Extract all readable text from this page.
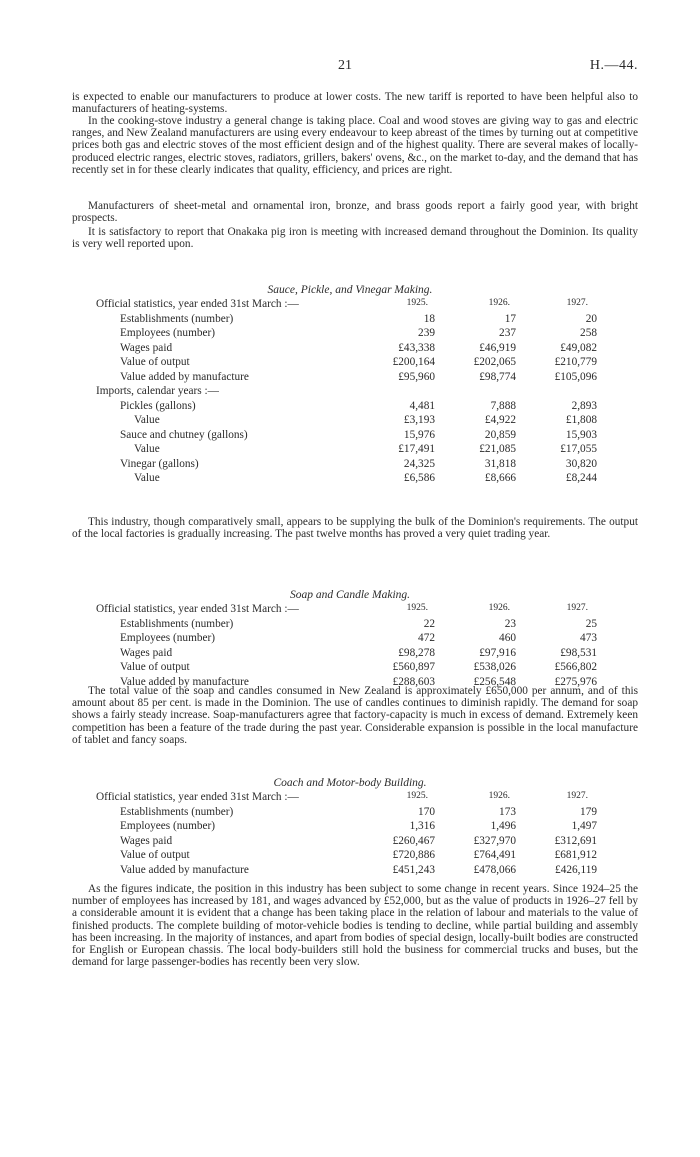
21	H.—44.

is expected to enable our manufacturers to produce at lower costs. The new tariff is reported to have been helpful also to manufacturers of heating-systems.

In the cooking-stove industry a general change is taking place. Coal and wood stoves are giving way to gas and electric ranges, and New Zealand manufacturers are using every endeavour to keep abreast of the times by turning out at competitive prices both gas and electric stoves of the most efficient design and of the highest quality. There are several makes of locally-produced electric ranges, electric stoves, radiators, grillers, bakers' ovens, &c., on the market to-day, and the demand that has recently set in for these clearly indicates that quality, efficiency, and prices are right.

Manufacturers of sheet-metal and ornamental iron, bronze, and brass goods report a fairly good year, with bright prospects.

It is satisfactory to report that Onakaka pig iron is meeting with increased demand throughout the Dominion. Its quality is very well reported upon.

Sauce, Pickle, and Vinegar Making.
Official statistics, year ended 31st March :—	1925.	1926.	1927.
Establishments (number)	18	17	20
Employees (number)	239	237	258
Wages paid	£43,338	£46,919	£49,082
Value of output	£200,164	£202,065	£210,779
Value added by manufacture	£95,960	£98,774	£105,096
Imports, calendar years :—
Pickles (gallons)	4,481	7,888	2,893
Value	£3,193	£4,922	£1,808
Sauce and chutney (gallons)	15,976	20,859	15,903
Value	£17,491	£21,085	£17,055
Vinegar (gallons)	24,325	31,818	30,820
Value	£6,586	£8,666	£8,244

This industry, though comparatively small, appears to be supplying the bulk of the Dominion's requirements. The output of the local factories is gradually increasing. The past twelve months has proved a very quiet trading year.

Soap and Candle Making.
Official statistics, year ended 31st March :—	1925.	1926.	1927.
Establishments (number)	22	23	25
Employees (number)	472	460	473
Wages paid	£98,278	£97,916	£98,531
Value of output	£560,897	£538,026	£566,802
Value added by manufacture	£288,603	£256,548	£275,976

The total value of the soap and candles consumed in New Zealand is approximately £650,000 per annum, and of this amount about 85 per cent. is made in the Dominion. The use of candles continues to diminish rapidly. The demand for soap shows a fairly steady increase. Soap-manufacturers agree that factory-capacity is much in excess of demand. Extremely keen competition has been a feature of the trade during the past year. Considerable expansion is possible in the local manufacture of tablet and fancy soaps.

Coach and Motor-body Building.
Official statistics, year ended 31st March :—	1925.	1926.	1927.
Establishments (number)	170	173	179
Employees (number)	1,316	1,496	1,497
Wages paid	£260,467	£327,970	£312,691
Value of output	£720,886	£764,491	£681,912
Value added by manufacture	£451,243	£478,066	£426,119

As the figures indicate, the position in this industry has been subject to some change in recent years. Since 1924–25 the number of employees has increased by 181, and wages advanced by £52,000, but as the value of products in 1926–27 fell by a considerable amount it is evident that a change has been taking place in the relation of labour and materials to the value of finished products. The complete building of motor-vehicle bodies is tending to decline, while partial building and assembly has been increasing. In the majority of instances, and apart from bodies of special design, locally-built bodies are constructed for English or European chassis. The local body-builders still hold the business for commercial trucks and buses, but the demand for large passenger-bodies has recently been very slow.
